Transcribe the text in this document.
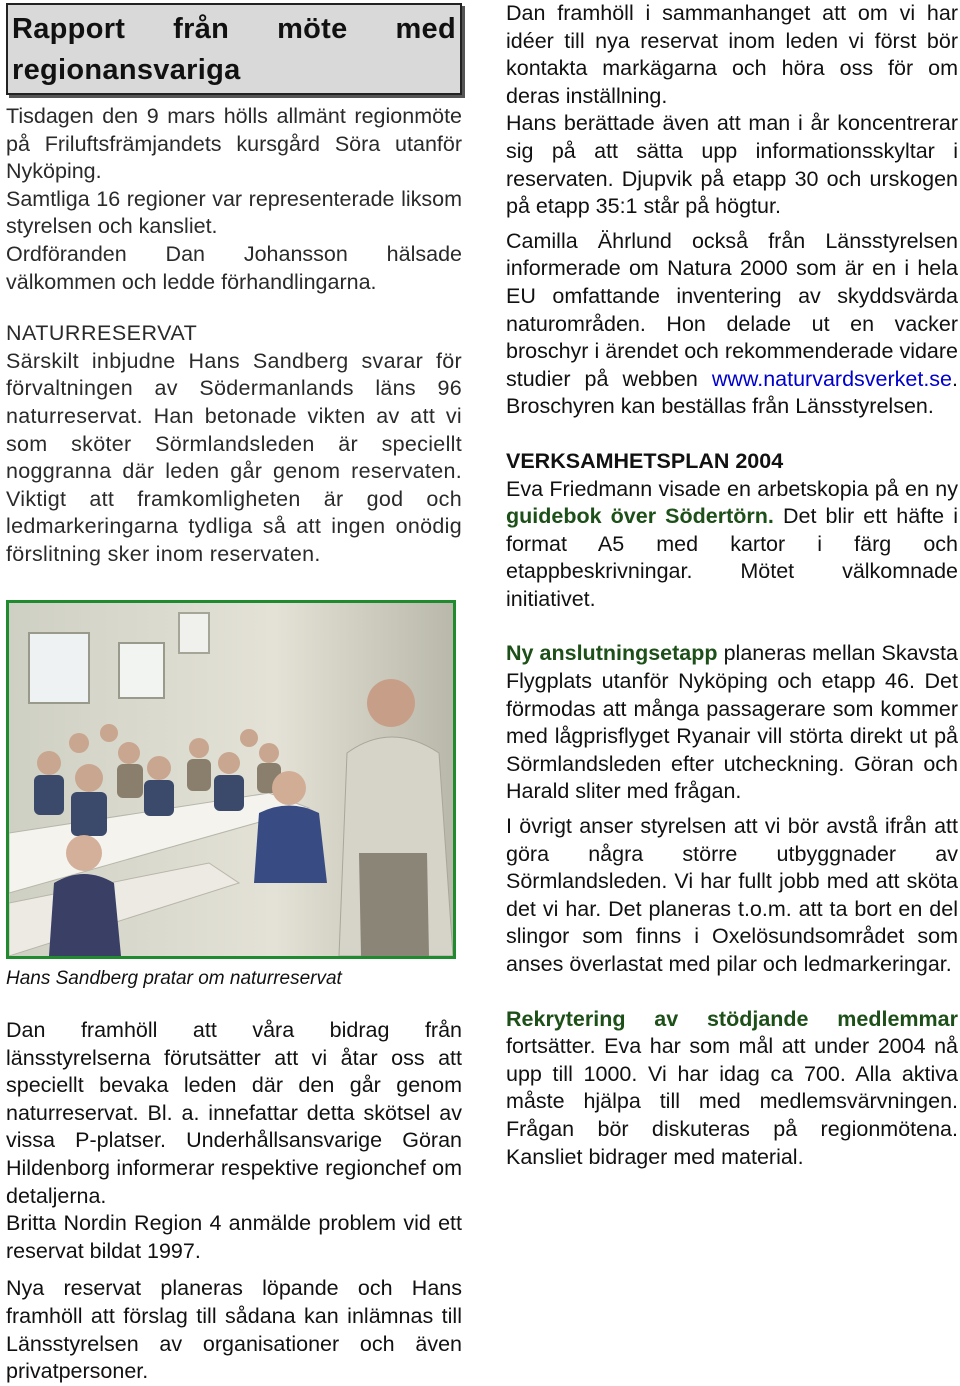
Rapport från möte med regionansvariga

Tisdagen den 9 mars hölls allmänt regionmöte på Friluftsfrämjandets kursgård Söra utanför Nyköping.

Samtliga 16 regioner var representerade liksom styrelsen och kansliet.

Ordföranden Dan Johansson hälsade välkommen och ledde förhandlingarna.

NATURRESERVAT

Särskilt inbjudne Hans Sandberg svarar för förvaltningen av Södermanlands läns 96 naturreservat. Han betonade vikten av att vi som sköter Sörmlandsleden är speciellt noggranna där leden går genom reservaten. Viktigt att framkomligheten är god och ledmarkeringarna tydliga så att ingen onödig förslitning sker inom reservaten.

Hans Sandberg pratar om naturreservat

Dan framhöll att våra bidrag från länsstyrelserna förutsätter att vi åtar oss att speciellt bevaka leden där den går genom naturreservat. Bl. a. innefattar detta skötsel av vissa P-platser. Underhållsansvarige Göran Hildenborg informerar respektive regionchef om detaljerna.

Britta Nordin Region 4 anmälde problem vid ett reservat bildat 1997.

Nya reservat planeras löpande och Hans framhöll att förslag till sådana kan inlämnas till Länsstyrelsen av organisationer och även privatpersoner.

Dan framhöll i sammanhanget att om vi har idéer till nya reservat inom leden vi först bör kontakta markägarna och höra oss för om deras inställning.

Hans berättade även att man i år koncentrerar sig på att sätta upp informationsskyltar i reservaten. Djupvik på etapp 30 och urskogen på etapp 35:1 står på högtur.

Camilla Ährlund också från Länsstyrelsen informerade om Natura 2000 som är en i hela EU omfattande inventering av skyddsvärda naturområden. Hon delade ut en vacker broschyr i ärendet och rekommenderade vidare studier på webben www.naturvardsverket.se. Broschyren kan beställas från Länsstyrelsen.

VERKSAMHETSPLAN 2004

Eva Friedmann visade en arbetskopia på en ny guidebok över Södertörn. Det blir ett häfte i format A5 med kartor i färg och etappbeskrivningar. Mötet välkomnade initiativet.

Ny anslutningsetapp planeras mellan Skavsta Flygplats utanför Nyköping och etapp 46. Det förmodas att många passagerare som kommer med lågprisflyget Ryanair vill störta direkt ut på Sörmlandsleden efter utcheckning. Göran och Harald sliter med frågan.

I övrigt anser styrelsen att vi bör avstå ifrån att göra några större utbyggnader av Sörmlandsleden. Vi har fullt jobb med att sköta det vi har. Det planeras t.o.m. att ta bort en del slingor som finns i Oxelösundsområdet som anses överlastat med pilar och ledmarkeringar.

Rekrytering av stödjande medlemmar fortsätter. Eva har som mål att under 2004 nå upp till 1000. Vi har idag ca 700. Alla aktiva måste hjälpa till med medlemsvärvningen. Frågan bör diskuteras på regionmötena. Kansliet bidrager med material.
